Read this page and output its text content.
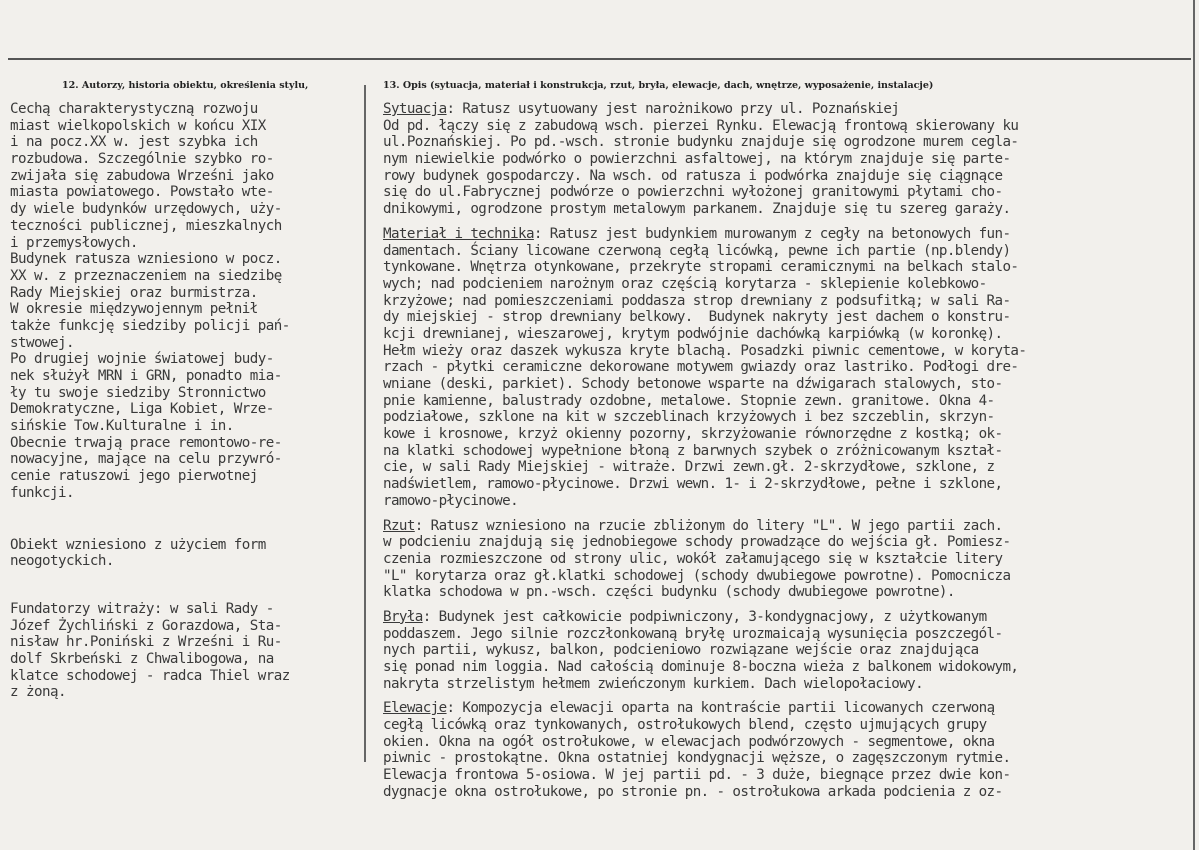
12. Autorzy, historia obiektu, określenia stylu,	13. Opis (sytuacja, materiał i konstrukcja, rzut, bryła, elewacje, dach, wnętrze, wyposażenie, instalacje)
Cechą charakterystyczną rozwoju
miast wielkopolskich w końcu XIX
i na pocz.XX w. jest szybka ich
rozbudowa. Szczególnie szybko ro-
zwijała się zabudowa Wrześni jako
miasta powiatowego. Powstało wte-
dy wiele budynków urzędowych, uży-
teczności publicznej, mieszkalnych
i przemysłowych.
Budynek ratusza wzniesiono w pocz.
XX w. z przeznaczeniem na siedzibę
Rady Miejskiej oraz burmistrza.
W okresie międzywojennym pełnił
także funkcję siedziby policji pań-
stwowej.
Po drugiej wojnie światowej budy-
nek służył MRN i GRN, ponadto mia-
ły tu swoje siedziby Stronnictwo
Demokratyczne, Liga Kobiet, Wrze-
sińskie Tow.Kulturalne i in.
Obecnie trwają prace remontowo-re-
nowacyjne, mające na celu przywró-
cenie ratuszowi jego pierwotnej
funkcji.
Obiekt wzniesiono z użyciem form
neogotyckich.
Fundatorzy witraży: w sali Rady -
Józef Żychliński z Gorazdowa, Sta-
nisław hr.Poniński z Wrześni i Ru-
dolf Skrbeński z Chwalibogowa, na
klatce schodowej - radca Thiel wraz
z żoną.
Sytuacja: Ratusz usytuowany jest narożnikowo przy ul. Poznańskiej
Od pd. łączy się z zabudową wsch. pierzei Rynku. Elewacją frontową skierowany ku
ul.Poznańskiej. Po pd.-wsch. stronie budynku znajduje się ogrodzone murem cegla-
nym niewielkie podwórko o powierzchni asfaltowej, na którym znajduje się parte-
rowy budynek gospodarczy. Na wsch. od ratusza i podwórka znajduje się ciągnące
się do ul.Fabrycznej podwórze o powierzchni wyłożonej granitowymi płytami cho-
dnikowymi, ogrodzone prostym metalowym parkanem. Znajduje się tu szereg garaży.
Materiał i technika: Ratusz jest budynkiem murowanym z cegły na betonowych fun-
damentach. Ściany licowane czerwoną cegłą licówką, pewne ich partie (np.blendy)
tynkowane. Wnętrza otynkowane, przekryte stropami ceramicznymi na belkach stalo-
wych; nad podcieniem narożnym oraz częścią korytarza - sklepienie kolebkowo-
krzyżowe; nad pomieszczeniami poddasza strop drewniany z podsufitką; w sali Ra-
dy miejskiej - strop drewniany belkowy.  Budynek nakryty jest dachem o konstru-
kcji drewnianej, wieszarowej, krytym podwójnie dachówką karpiówką (w koronkę).
Hełm wieży oraz daszek wykusza kryte blachą. Posadzki piwnic cementowe, w koryta-
rzach - płytki ceramiczne dekorowane motywem gwiazdy oraz lastriko. Podłogi dre-
wniane (deski, parkiet). Schody betonowe wsparte na dźwigarach stalowych, sto-
pnie kamienne, balustrady ozdobne, metalowe. Stopnie zewn. granitowe. Okna 4-
podziałowe, szklone na kit w szczeblinach krzyżowych i bez szczeblin, skrzyn-
kowe i krosnowe, krzyż okienny pozorny, skrzyżowanie równorzędne z kostką; ok-
na klatki schodowej wypełnione błoną z barwnych szybek o zróżnicowanym kształ-
cie, w sali Rady Miejskiej - witraże. Drzwi zewn.gł. 2-skrzydłowe, szklone, z
nadświetlem, ramowo-płycinowe. Drzwi wewn. 1- i 2-skrzydłowe, pełne i szklone,
ramowo-płycinowe.
Rzut: Ratusz wzniesiono na rzucie zbliżonym do litery "L". W jego partii zach.
w podcieniu znajdują się jednobiegowe schody prowadzące do wejścia gł. Pomiesz-
czenia rozmieszczone od strony ulic, wokół załamującego się w kształcie litery
"L" korytarza oraz gł.klatki schodowej (schody dwubiegowe powrotne). Pomocnicza
klatka schodowa w pn.-wsch. części budynku (schody dwubiegowe powrotne).
Bryła: Budynek jest całkowicie podpiwniczony, 3-kondygnacjowy, z użytkowanym
poddaszem. Jego silnie rozczłonkowaną bryłę urozmaicają wysunięcia poszczegól-
nych partii, wykusz, balkon, podcieniowo rozwiązane wejście oraz znajdująca
się ponad nim loggia. Nad całością dominuje 8-boczna wieża z balkonem widokowym,
nakryta strzelistym hełmem zwieńczonym kurkiem. Dach wielopołaciowy.
Elewacje: Kompozycja elewacji oparta na kontraście partii licowanych czerwoną
cegłą licówką oraz tynkowanych, ostrołukowych blend, często ujmujących grupy
okien. Okna na ogół ostrołukowe, w elewacjach podwórzowych - segmentowe, okna
piwnic - prostokątne. Okna ostatniej kondygnacji węższe, o zagęszczonym rytmie.
Elewacja frontowa 5-osiowa. W jej partii pd. - 3 duże, biegnące przez dwie kon-
dygnacje okna ostrołukowe, po stronie pn. - ostrołukowa arkada podcienia z oz-
